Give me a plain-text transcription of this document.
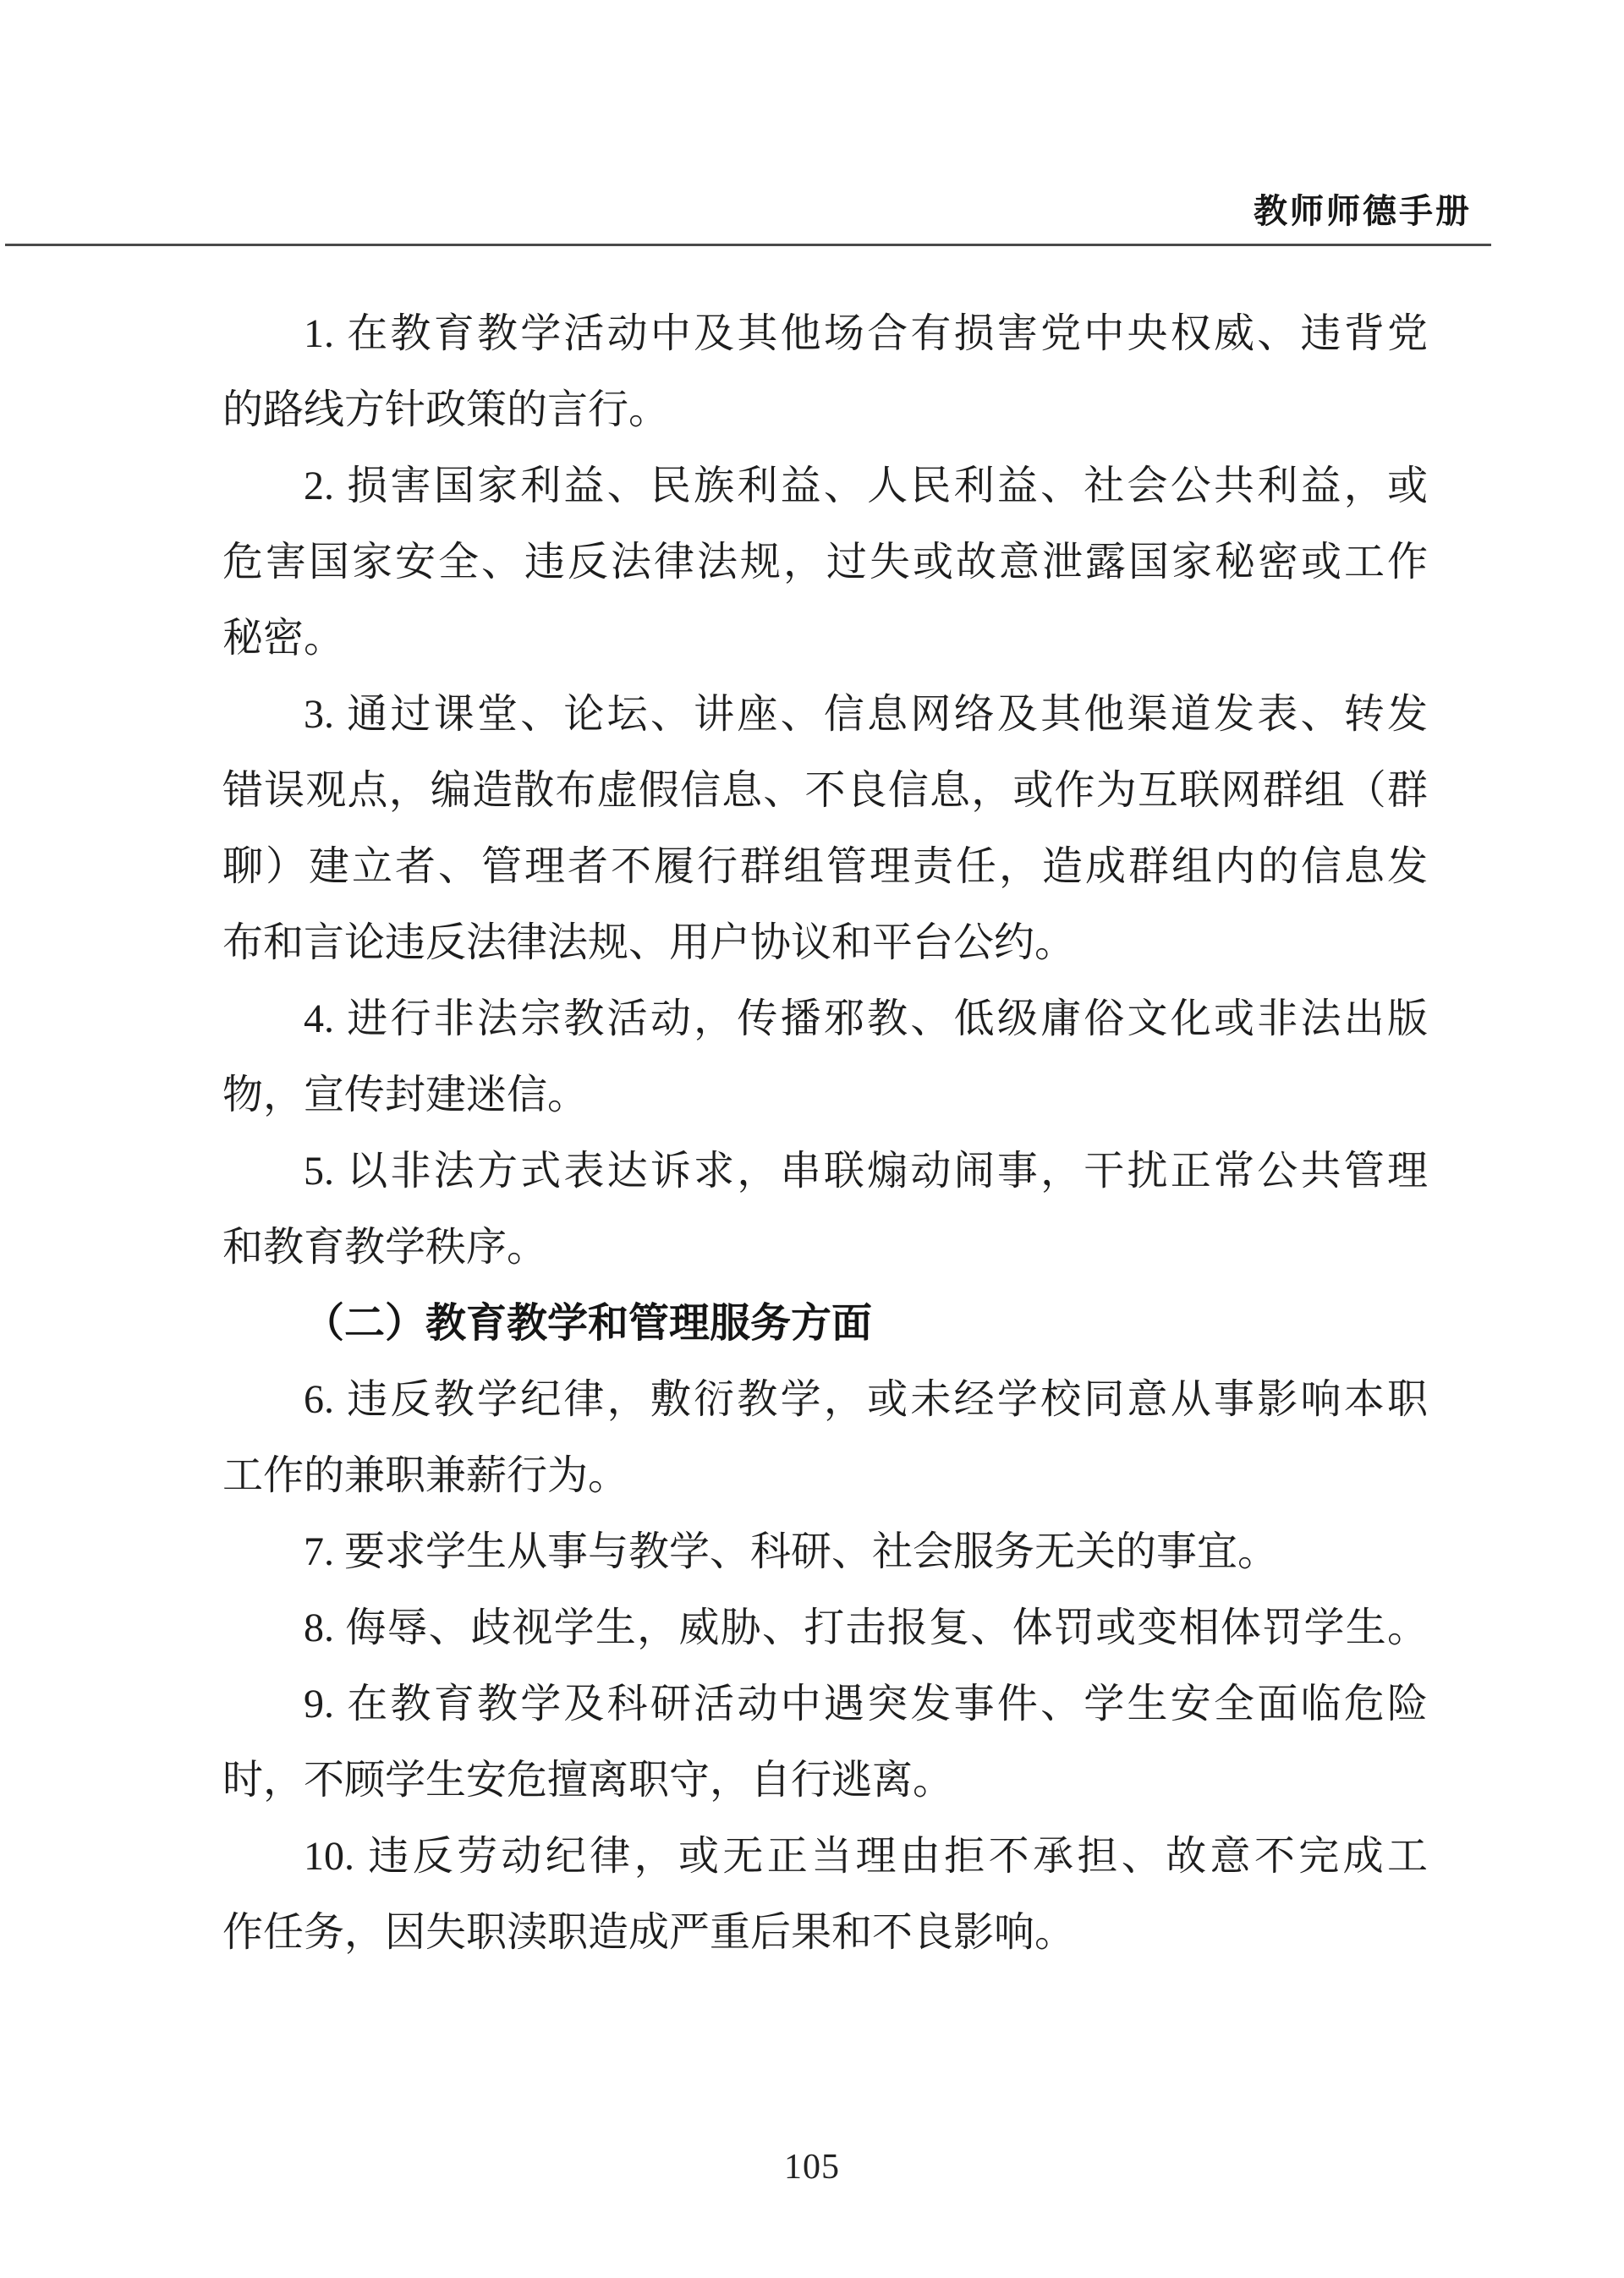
教师师德手册
1. 在教育教学活动中及其他场合有损害党中央权威、违背党
的路线方针政策的言行。
2. 损害国家利益、民族利益、人民利益、社会公共利益，或
危害国家安全、违反法律法规，过失或故意泄露国家秘密或工作
秘密。
3. 通过课堂、论坛、讲座、信息网络及其他渠道发表、转发
错误观点，编造散布虚假信息、不良信息，或作为互联网群组（群
聊）建立者、管理者不履行群组管理责任，造成群组内的信息发
布和言论违反法律法规、用户协议和平台公约。
4. 进行非法宗教活动，传播邪教、低级庸俗文化或非法出版
物，宣传封建迷信。
5. 以非法方式表达诉求，串联煽动闹事，干扰正常公共管理
和教育教学秩序。
（二）教育教学和管理服务方面
6. 违反教学纪律，敷衍教学，或未经学校同意从事影响本职
工作的兼职兼薪行为。
7. 要求学生从事与教学、科研、社会服务无关的事宜。
8. 侮辱、歧视学生，威胁、打击报复、体罚或变相体罚学生。
9. 在教育教学及科研活动中遇突发事件、学生安全面临危险
时，不顾学生安危擅离职守，自行逃离。
10. 违反劳动纪律，或无正当理由拒不承担、故意不完成工
作任务，因失职渎职造成严重后果和不良影响。
105
